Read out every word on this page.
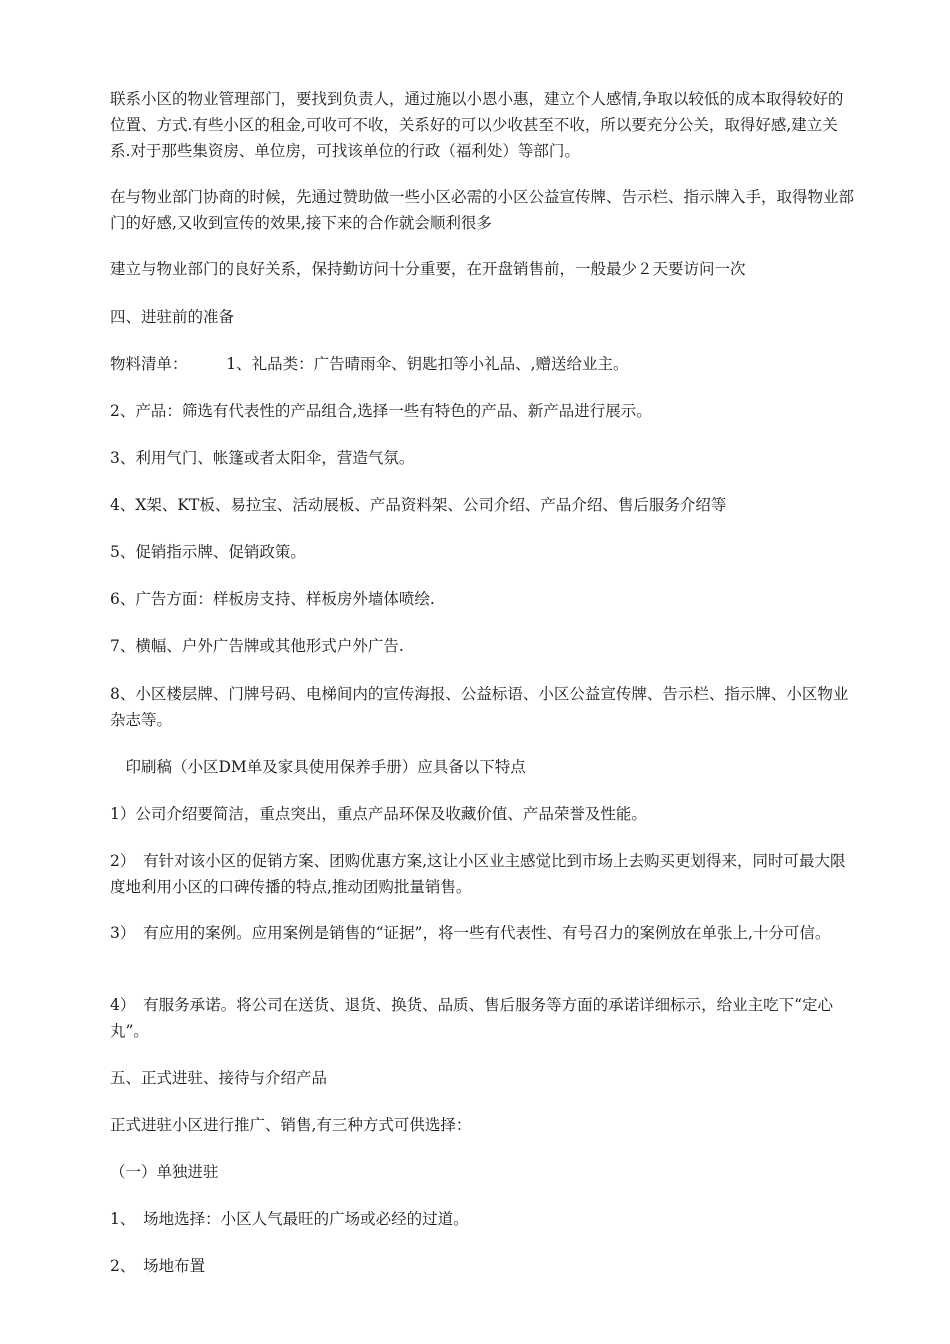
联系小区的物业管理部门，要找到负责人，通过施以小恩小惠，建立个人感情,争取以较低的成本取得较好的位置、方式.有些小区的租金,可收可不收，关系好的可以少收甚至不收，所以要充分公关，取得好感,建立关系.对于那些集资房、单位房，可找该单位的行政（福利处）等部门。

在与物业部门协商的时候，先通过赞助做一些小区必需的小区公益宣传牌、告示栏、指示牌入手，取得物业部门的好感,又收到宣传的效果,接下来的合作就会顺利很多

建立与物业部门的良好关系，保持勤访问十分重要，在开盘销售前，一般最少２天要访问一次

四、进驻前的准备

物料清单：　　　1、礼品类：广告晴雨伞、钥匙扣等小礼品、,赠送给业主。

2、产品：筛选有代表性的产品组合,选择一些有特色的产品、新产品进行展示。

3、利用气门、帐篷或者太阳伞，营造气氛。

4、X架、KT板、易拉宝、活动展板、产品资料架、公司介绍、产品介绍、售后服务介绍等

5、促销指示牌、促销政策。

6、广告方面：样板房支持、样板房外墙体喷绘.

7、横幅、户外广告牌或其他形式户外广告.

8、小区楼层牌、门牌号码、电梯间内的宣传海报、公益标语、小区公益宣传牌、告示栏、指示牌、小区物业杂志等。

　印刷稿（小区DM单及家具使用保养手册）应具备以下特点

1）公司介绍要简洁，重点突出，重点产品环保及收藏价值、产品荣誉及性能。

2）　有针对该小区的促销方案、团购优惠方案,这让小区业主感觉比到市场上去购买更划得来，同时可最大限度地利用小区的口碑传播的特点,推动团购批量销售。

3）　有应用的案例。应用案例是销售的“证据”，将一些有代表性、有号召力的案例放在单张上,十分可信。

4）　有服务承诺。将公司在送货、退货、换货、品质、售后服务等方面的承诺详细标示，给业主吃下“定心丸”。

五、正式进驻、接待与介绍产品

正式进驻小区进行推广、销售,有三种方式可供选择：

（一）单独进驻

1、　场地选择：小区人气最旺的广场或必经的过道。

2、　场地布置
